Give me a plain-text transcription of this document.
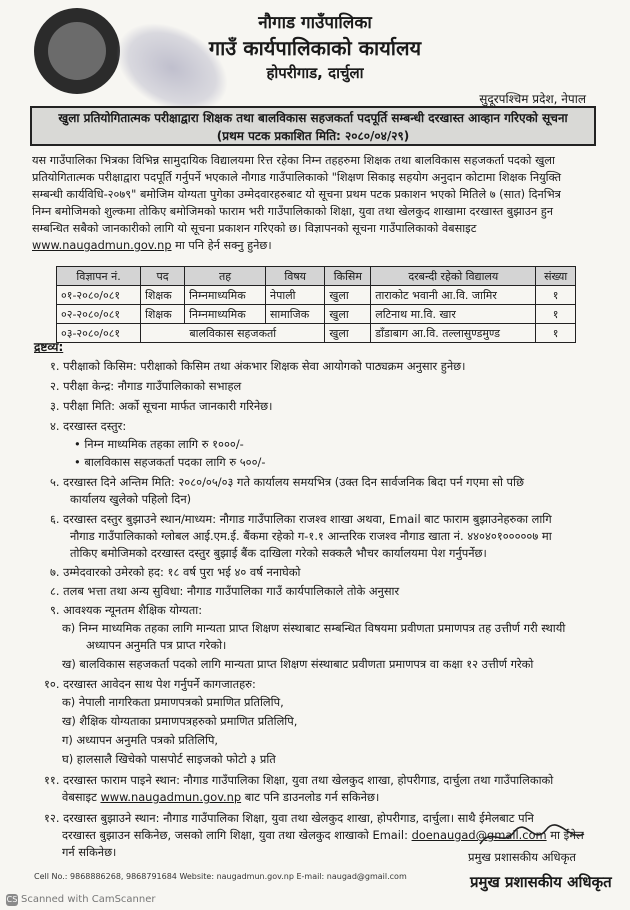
नौगाड गाउँपालिका
गाउँ कार्यपालिकाको कार्यालय
होपरीगाड, दार्चुला
सुदूरपश्चिम प्रदेश, नेपाल
खुला प्रतियोगितात्मक परीक्षाद्वारा शिक्षक तथा बालविकास सहजकर्ता पदपूर्ति सम्बन्धी दरखास्त आव्हान गरिएको सूचना
(प्रथम पटक प्रकाशित मिति: २०८०/०४/२९)
यस गाउँपालिका भित्रका विभिन्न सामुदायिक विद्यालयमा रित्त रहेका निम्न तहहरुमा शिक्षक तथा बालविकास सहजकर्ता पदको खुला
प्रतियोगितात्मक परीक्षाद्वारा पदपूर्ति गर्नुपर्ने भएकाले नौगाड गाउँपालिकाको "शिक्षण सिकाइ सहयोग अनुदान कोटामा शिक्षक नियुक्ति
सम्बन्धी कार्यविधि-२०७९" बमोजिम योग्यता पुगेका उम्मेदवारहरुबाट यो सूचना प्रथम पटक प्रकाशन भएको मितिले ७ (सात) दिनभित्र
निम्न बमोजिमको शुल्कमा तोकिए बमोजिमको फाराम भरी गाउँपालिकाको शिक्षा, युवा तथा खेलकुद शाखामा दरखास्त बुझाउन हुन
सम्बन्धित सबैको जानकारीको लागि यो सूचना प्रकाशन गरिएको छ। विज्ञापनको सूचना गाउँपालिकाको वेबसाइट
www.naugadmun.gov.np मा पनि हेर्न सक्नु हुनेछ।
विज्ञापन नं.	पद	तह	विषय	किसिम	दरबन्दी रहेको विद्यालय	संख्या
०१-२०८०/०८१	शिक्षक	निम्नमाध्यमिक	नेपाली	खुला	ताराकोट भवानी आ.वि. जामिर	१
०२-२०८०/०८१	शिक्षक	निम्नमाध्यमिक	सामाजिक	खुला	लटिनाथ मा.वि. खार	१
०३-२०८०/०८१	बालविकास सहजकर्ता			खुला	डाँडाबाग आ.वि. तल्लासुण्डमुण्ड	१
द्रष्टव्य:
१. परीक्षाको किसिम: परीक्षाको किसिम तथा अंकभार शिक्षक सेवा आयोगको पाठ्यक्रम अनुसार हुनेछ।
२. परीक्षा केन्द्र: नौगाड गाउँपालिकाको सभाहल
३. परीक्षा मिति: अर्को सूचना मार्फत जानकारी गरिनेछ।
४. दरखास्त दस्तुर:
• निम्न माध्यमिक तहका लागि रु १०००/-
• बालविकास सहजकर्ता पदका लागि रु ५००/-
५. दरखास्त दिने अन्तिम मिति: २०८०/०५/०३ गते कार्यालय समयभित्र (उक्त दिन सार्वजनिक बिदा पर्न गएमा सो पछि
कार्यालय खुलेको पहिलो दिन)
६. दरखास्त दस्तुर बुझाउने स्थान/माध्यम: नौगाड गाउँपालिका राजश्व शाखा अथवा, Email बाट फाराम बुझाउनेहरुका लागि
नौगाड गाउँपालिकाको ग्लोबल आई.एम.ई. बैंकमा रहेको ग-१.१ आन्तरिक राजश्व नौगाड खाता नं. ४४०४०१०००००७ मा
तोकिए बमोजिमको दरखास्त दस्तुर बुझाई बैंक दाखिला गरेको सक्कलै भौचर कार्यालयमा पेश गर्नुपर्नेछ।
७. उम्मेदवारको उमेरको हद: १८ वर्ष पुरा भई ४० वर्ष ननाघेको
८. तलब भत्ता तथा अन्य सुविधा: नौगाड गाउँपालिका गाउँ कार्यपालिकाले तोके अनुसार
९. आवश्यक न्यूनतम शैक्षिक योग्यता:
क) निम्न माध्यमिक तहका लागि मान्यता प्राप्त शिक्षण संस्थाबाट सम्बन्धित विषयमा प्रवीणता प्रमाणपत्र तह उत्तीर्ण गरी स्थायी
अध्यापन अनुमति पत्र प्राप्त गरेको।
ख) बालविकास सहजकर्ता पदको लागि मान्यता प्राप्त शिक्षण संस्थाबाट प्रवीणता प्रमाणपत्र वा कक्षा १२ उत्तीर्ण गरेको
१०. दरखास्त आवेदन साथ पेश गर्नुपर्ने कागजातहरु:
क) नेपाली नागरिकता प्रमाणपत्रको प्रमाणित प्रतिलिपि,
ख) शैक्षिक योग्यताका प्रमाणपत्रहरुको प्रमाणित प्रतिलिपि,
ग) अध्यापन अनुमति पत्रको प्रतिलिपि,
घ) हालसालै खिचेको पासपोर्ट साइजको फोटो ३ प्रति
११. दरखास्त फाराम पाइने स्थान: नौगाड गाउँपालिका शिक्षा, युवा तथा खेलकुद शाखा, होपरीगाड, दार्चुला तथा गाउँपालिकाको
वेबसाइट www.naugadmun.gov.np बाट पनि डाउनलोड गर्न सकिनेछ।
१२. दरखास्त बुझाउने स्थान: नौगाड गाउँपालिका शिक्षा, युवा तथा खेलकुद शाखा, होपरीगाड, दार्चुला। साथै ईमेलबाट पनि
दरखास्त बुझाउन सकिनेछ, जसको लागि शिक्षा, युवा तथा खेलकुद शाखाको Email: doenaugad@gmail.com मा ईमेल
गर्न सकिनेछ।	प्रमुख प्रशासकीय अधिकृत
Cell No.: 9868886268, 9868791684 Website: naugadmun.gov.np E-mail: naugad@gmail.com	प्रमुख प्रशासकीय अधिकृत
CS Scanned with CamScanner
